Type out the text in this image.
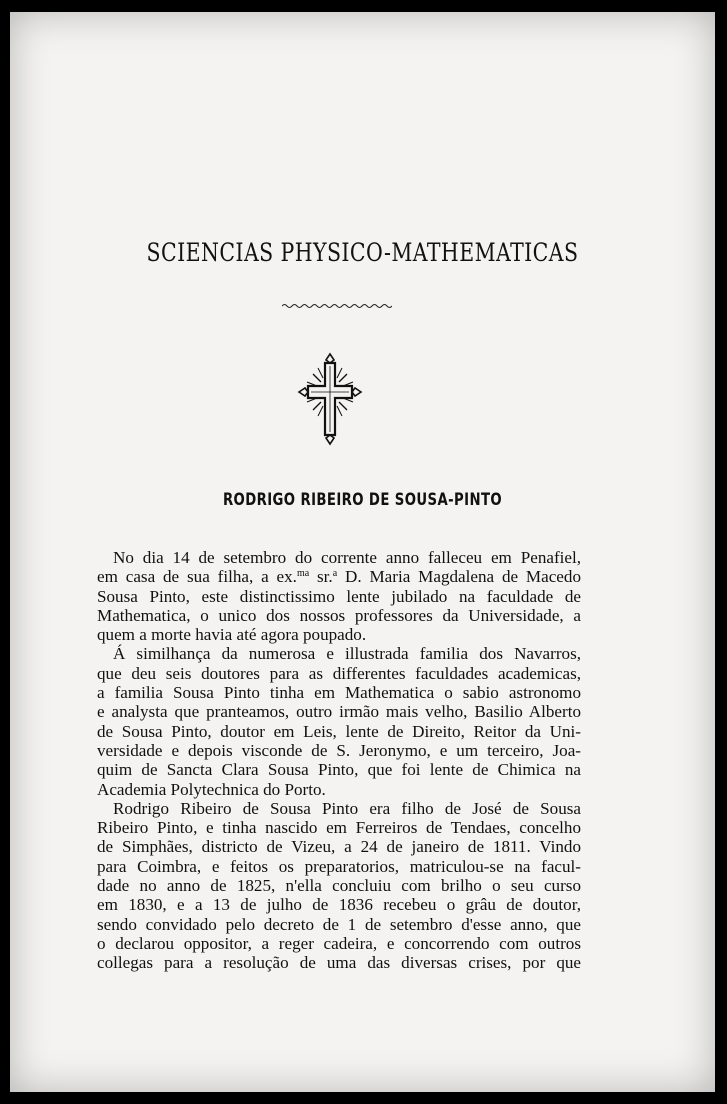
SCIENCIAS PHYSICO-MATHEMATICAS
RODRIGO RIBEIRO DE SOUSA-PINTO
No dia 14 de setembro do corrente anno falleceu em Penafiel,
em casa de sua filha, a ex.$^{ma}$ sr.$^a$ D. Maria Magdalena de Macedo
Sousa Pinto, este distinctissimo lente jubilado na faculdade de
Mathematica, o unico dos nossos professores da Universidade, a
quem a morte havia até agora poupado.
Á similhança da numerosa e illustrada familia dos Navarros,
que deu seis doutores para as differentes faculdades academicas,
a familia Sousa Pinto tinha em Mathematica o sabio astronomo
e analysta que pranteamos, outro irmão mais velho, Basilio Alberto
de Sousa Pinto, doutor em Leis, lente de Direito, Reitor da Uni-
versidade e depois visconde de S. Jeronymo, e um terceiro, Joa-
quim de Sancta Clara Sousa Pinto, que foi lente de Chimica na
Academia Polytechnica do Porto.
Rodrigo Ribeiro de Sousa Pinto era filho de José de Sousa
Ribeiro Pinto, e tinha nascido em Ferreiros de Tendaes, concelho
de Simphães, districto de Vizeu, a 24 de janeiro de 1811. Vindo
para Coimbra, e feitos os preparatorios, matriculou-se na facul-
dade no anno de 1825, n'ella concluiu com brilho o seu curso
em 1830, e a 13 de julho de 1836 recebeu o grâu de doutor,
sendo convidado pelo decreto de 1 de setembro d'esse anno, que
o declarou oppositor, a reger cadeira, e concorrendo com outros
collegas para a resolução de uma das diversas crises, por que
